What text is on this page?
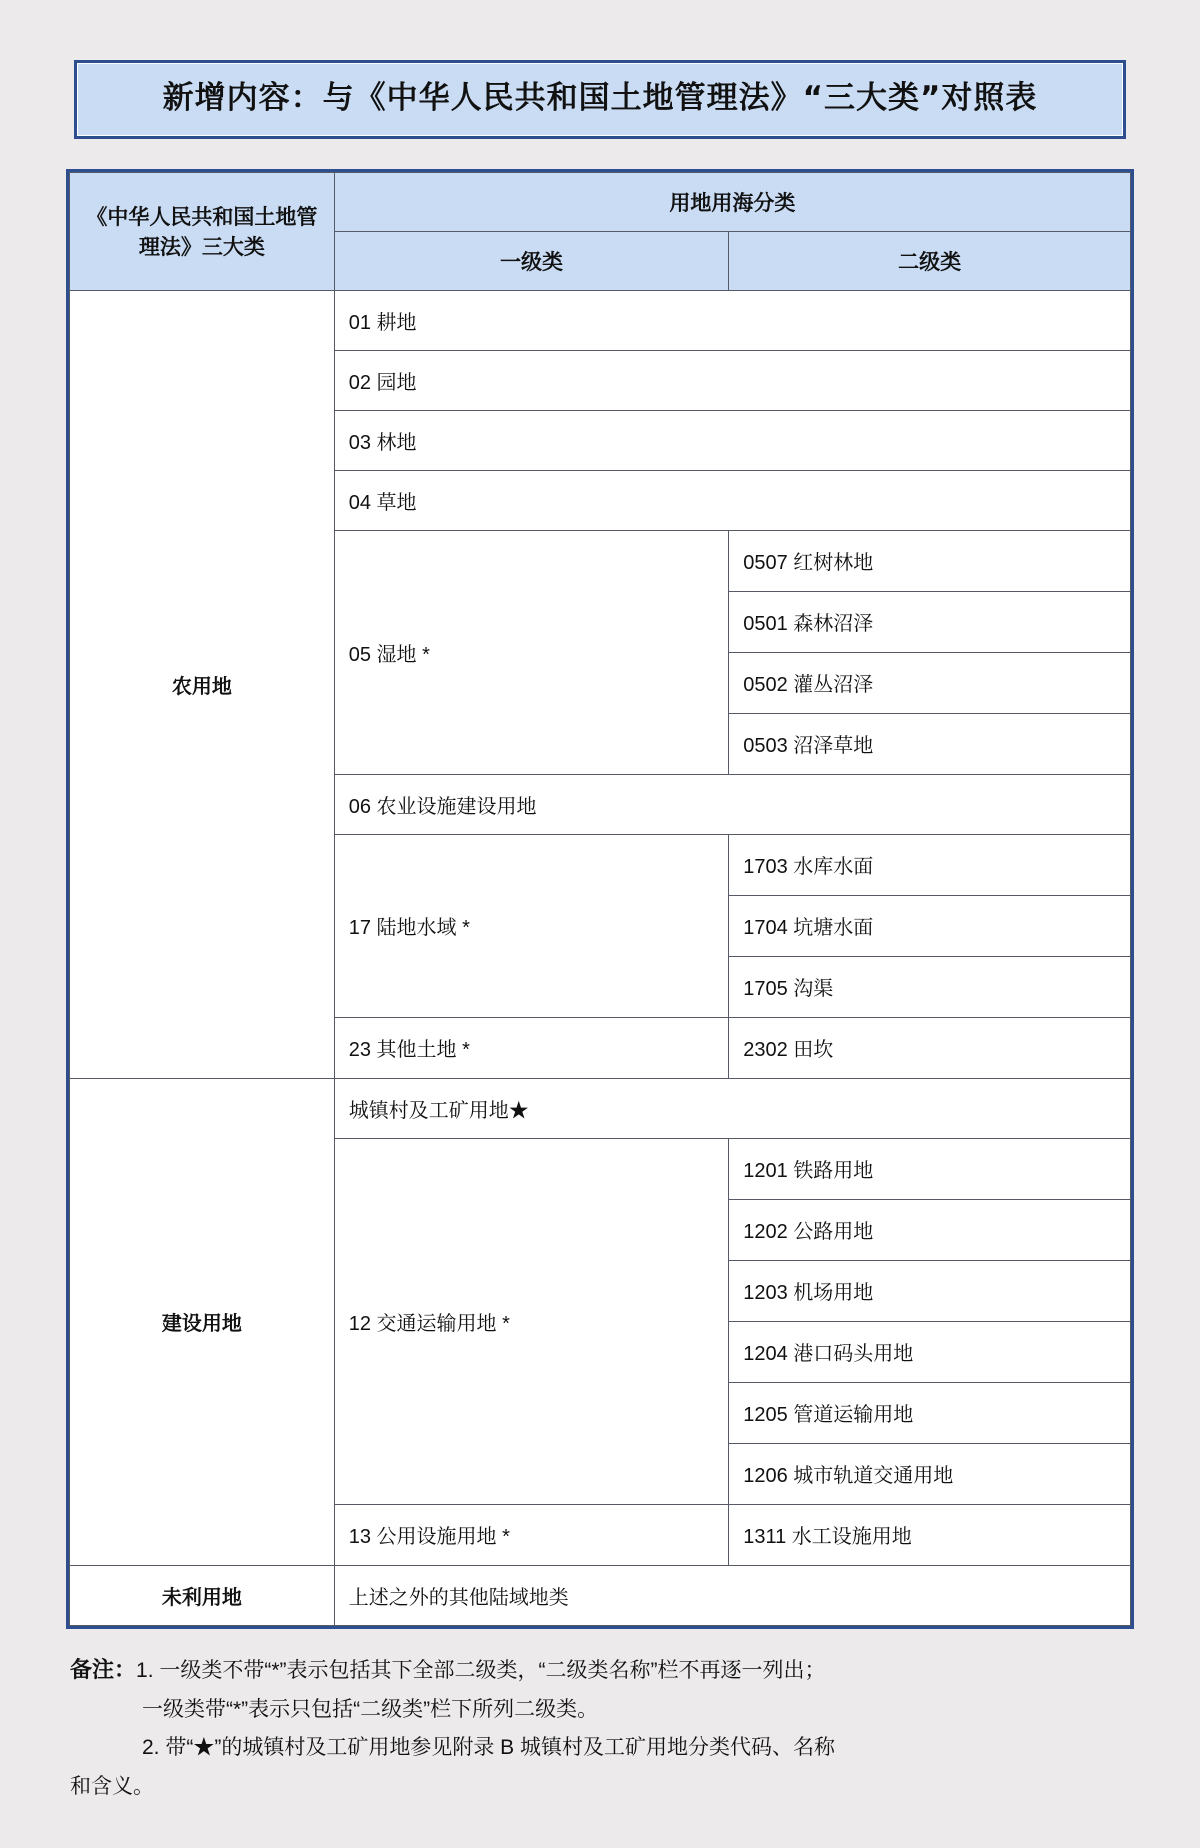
新增内容：与《中华人民共和国土地管理法》“三大类”对照表
《中华人民共和国土地管理法》三大类	用地用海分类	
	一级类	二级类
农用地	01 耕地	
	02 园地	
	03 林地	
	04 草地	
	05 湿地 *	0507 红树林地
		0501 森林沼泽
		0502 灌丛沼泽
		0503 沼泽草地
	06 农业设施建设用地	
	17 陆地水域 *	1703 水库水面
		1704 坑塘水面
		1705 沟渠
	23 其他土地 *	2302 田坎
建设用地	城镇村及工矿用地★	
	12 交通运输用地 *	1201 铁路用地
		1202 公路用地
		1203 机场用地
		1204 港口码头用地
		1205 管道运输用地
		1206 城市轨道交通用地
	13 公用设施用地 *	1311 水工设施用地
未利用地	上述之外的其他陆域地类	

备注：1. 一级类不带“*”表示包括其下全部二级类，“二级类名称”栏不再逐一列出；

一级类带“*”表示只包括“二级类”栏下所列二级类。

2. 带“★”的城镇村及工矿用地参见附录 B 城镇村及工矿用地分类代码、名称

和含义。
